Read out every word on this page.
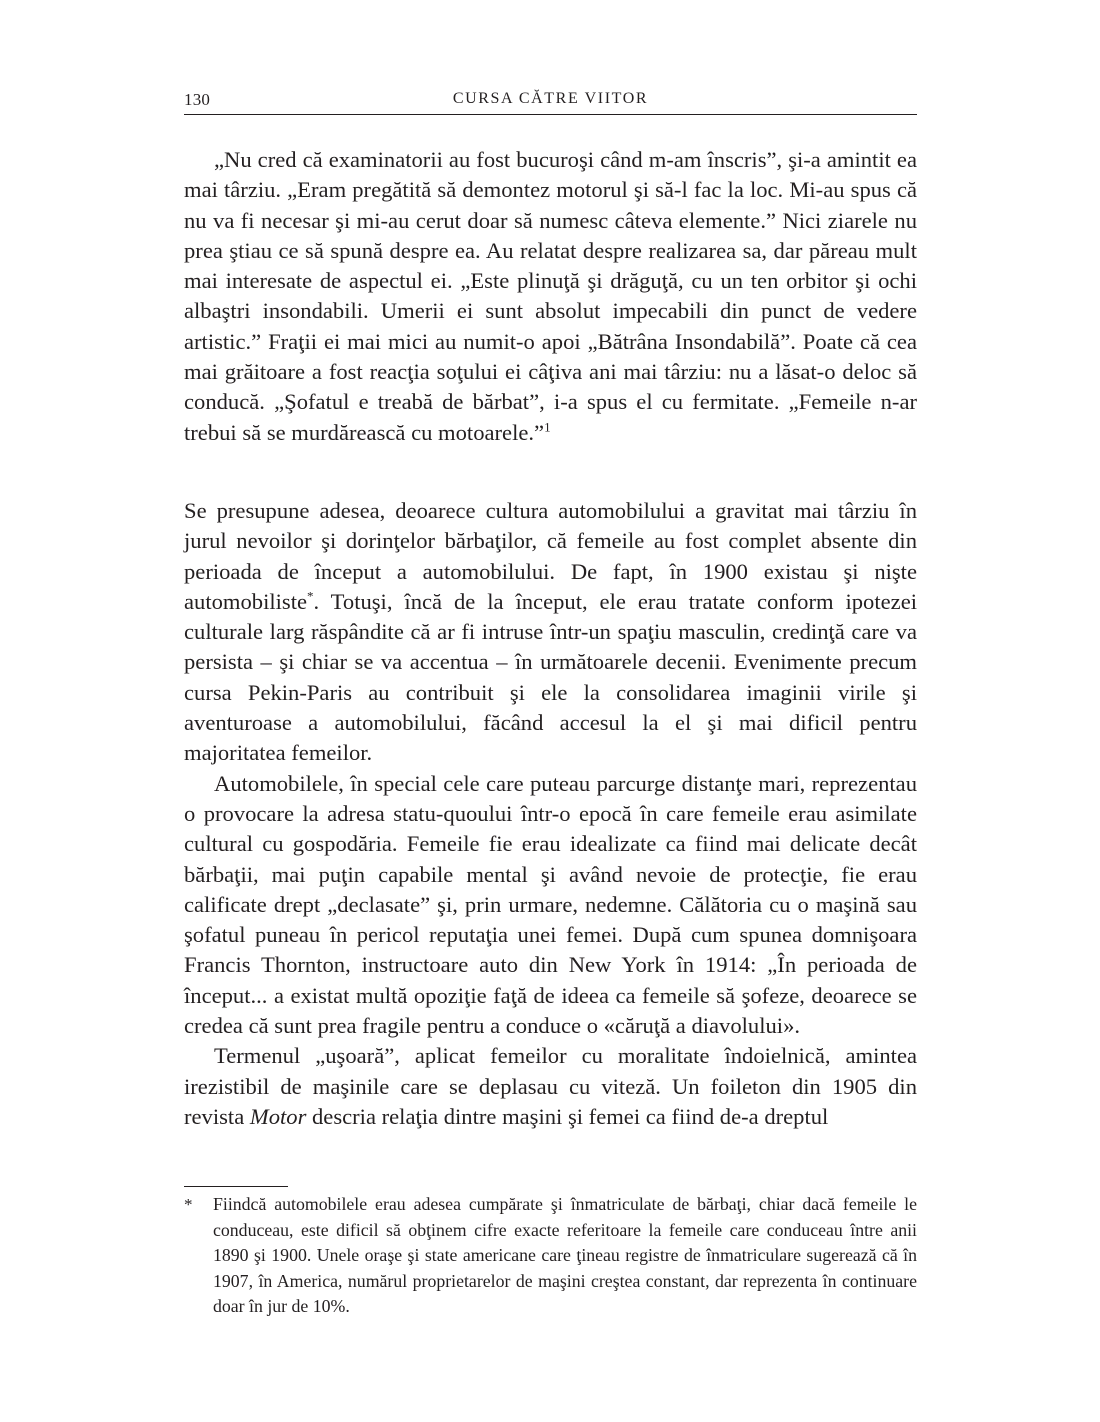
130	CURSA CĂTRE VIITOR

„Nu cred că examinatorii au fost bucuroşi când m-am înscris”, şi-a amintit ea mai târziu. „Eram pregătită să demontez motorul şi să-l fac la loc. Mi-au spus că nu va fi necesar şi mi-au cerut doar să numesc câteva elemente.” Nici ziarele nu prea ştiau ce să spună despre ea. Au relatat despre realizarea sa, dar păreau mult mai interesate de aspectul ei. „Este plinuţă şi drăguţă, cu un ten orbitor şi ochi albaştri insondabili. Umerii ei sunt absolut impecabili din punct de vedere artistic.” Fraţii ei mai mici au numit-o apoi „Bătrâna Insondabilă”. Poate că cea mai grăitoare a fost reacţia soţului ei câţiva ani mai târziu: nu a lăsat-o deloc să conducă. „Şofatul e treabă de bărbat”, i-a spus el cu fermitate. „Femeile n-ar trebui să se murdărească cu motoarele.”$^1$

Se presupune adesea, deoarece cultura automobilului a gravitat mai târziu în jurul nevoilor şi dorinţelor bărbaţilor, că femeile au fost complet absente din perioada de început a automobilului. De fapt, în 1900 existau şi nişte automobiliste*. Totuşi, încă de la început, ele erau tratate conform ipotezei culturale larg răspândite că ar fi intruse într-un spaţiu masculin, credinţă care va persista – şi chiar se va accentua – în următoarele decenii. Evenimente precum cursa Pekin-Paris au contribuit şi ele la consolidarea imaginii virile şi aventuroase a automobilului, făcând accesul la el şi mai dificil pentru majoritatea femeilor.

Automobilele, în special cele care puteau parcurge distanţe mari, reprezentau o provocare la adresa statu-quoului într-o epocă în care femeile erau asimilate cultural cu gospodăria. Femeile fie erau idealizate ca fiind mai delicate decât bărbaţii, mai puţin capabile mental şi având nevoie de protecţie, fie erau calificate drept „declasate” şi, prin urmare, nedemne. Călătoria cu o maşină sau şofatul puneau în pericol reputaţia unei femei. După cum spunea domnişoara Francis Thornton, instructoare auto din New York în 1914: „În perioada de început... a existat multă opoziţie faţă de ideea ca femeile să şofeze, deoarece se credea că sunt prea fragile pentru a conduce o «căruţă a diavolului».

Termenul „uşoară”, aplicat femeilor cu moralitate îndoielnică, amintea irezistibil de maşinile care se deplasau cu viteză. Un foileton din 1905 din revista Motor descria relaţia dintre maşini şi femei ca fiind de-a dreptul

* Fiindcă automobilele erau adesea cumpărate şi înmatriculate de bărbaţi, chiar dacă femeile le conduceau, este dificil să obţinem cifre exacte referitoare la femeile care conduceau între anii 1890 şi 1900. Unele oraşe şi state americane care ţineau registre de înmatriculare sugerează că în 1907, în America, numărul proprietarelor de maşini creştea constant, dar reprezenta în continuare doar în jur de 10%.
